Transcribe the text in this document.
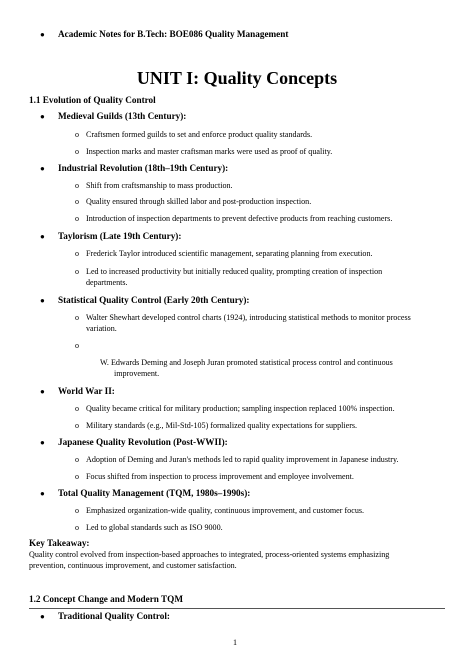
● Academic Notes for B.Tech: BOE086 Quality Management
UNIT I: Quality Concepts
1.1 Evolution of Quality Control
● Medieval Guilds (13th Century):
o Craftsmen formed guilds to set and enforce product quality standards.
o Inspection marks and master craftsman marks were used as proof of quality.
● Industrial Revolution (18th–19th Century):
o Shift from craftsmanship to mass production.
o Quality ensured through skilled labor and post-production inspection.
o Introduction of inspection departments to prevent defective products from reaching customers.
● Taylorism (Late 19th Century):
o Frederick Taylor introduced scientific management, separating planning from execution.
o Led to increased productivity but initially reduced quality, prompting creation of inspection
departments.
● Statistical Quality Control (Early 20th Century):
o Walter Shewhart developed control charts (1924), introducing statistical methods to monitor process
variation.
o
W. Edwards Deming and Joseph Juran promoted statistical process control and continuous
improvement.
● World War II:
o Quality became critical for military production; sampling inspection replaced 100% inspection.
o Military standards (e.g., Mil-Std-105) formalized quality expectations for suppliers.
● Japanese Quality Revolution (Post-WWII):
o Adoption of Deming and Juran's methods led to rapid quality improvement in Japanese industry.
o Focus shifted from inspection to process improvement and employee involvement.
● Total Quality Management (TQM, 1980s–1990s):
o Emphasized organization-wide quality, continuous improvement, and customer focus.
o Led to global standards such as ISO 9000.
Key Takeaway:
Quality control evolved from inspection-based approaches to integrated, process-oriented systems emphasizing
prevention, continuous improvement, and customer satisfaction.
1.2 Concept Change and Modern TQM
● Traditional Quality Control:
1
